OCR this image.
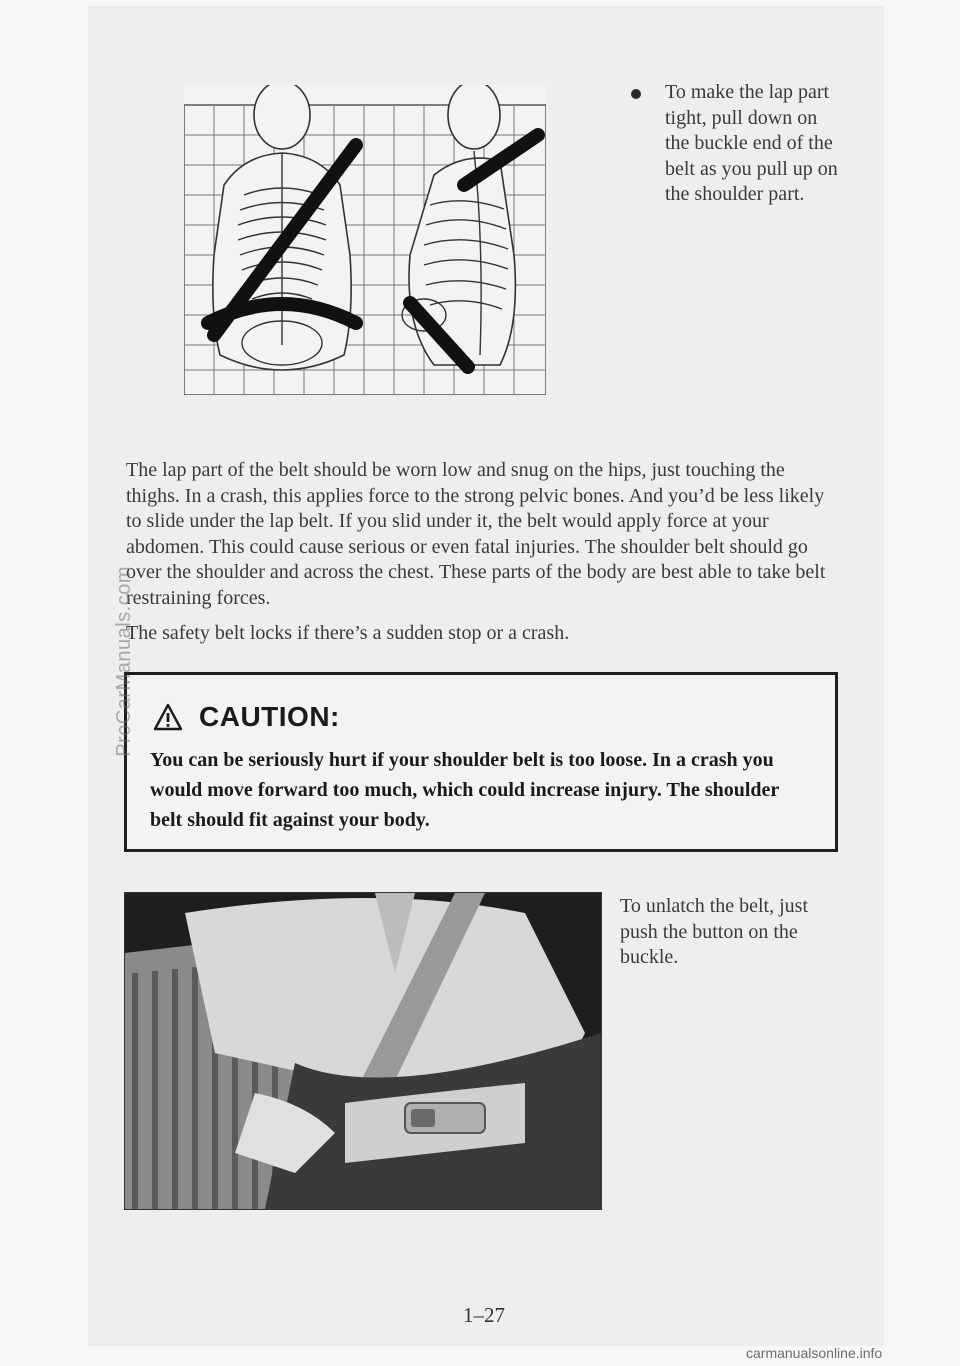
To make the lap part tight, pull down on the buckle end of the belt as you pull up on the shoulder part.

The lap part of the belt should be worn low and snug on the hips, just touching the thighs. In a crash, this applies force to the strong pelvic bones. And you’d be less likely to slide under the lap belt. If you slid under it, the belt would apply force at your abdomen. This could cause serious or even fatal injuries. The shoulder belt should go over the shoulder and across the chest. These parts of the body are best able to take belt restraining forces.

The safety belt locks if there’s a sudden stop or a crash.

CAUTION:

You can be seriously hurt if your shoulder belt is too loose. In a crash you would move forward too much, which could increase injury. The shoulder belt should fit against your body.

To unlatch the belt, just push the button on the buckle.

1–27
ProCarManuals.com
carmanualsonline.info
